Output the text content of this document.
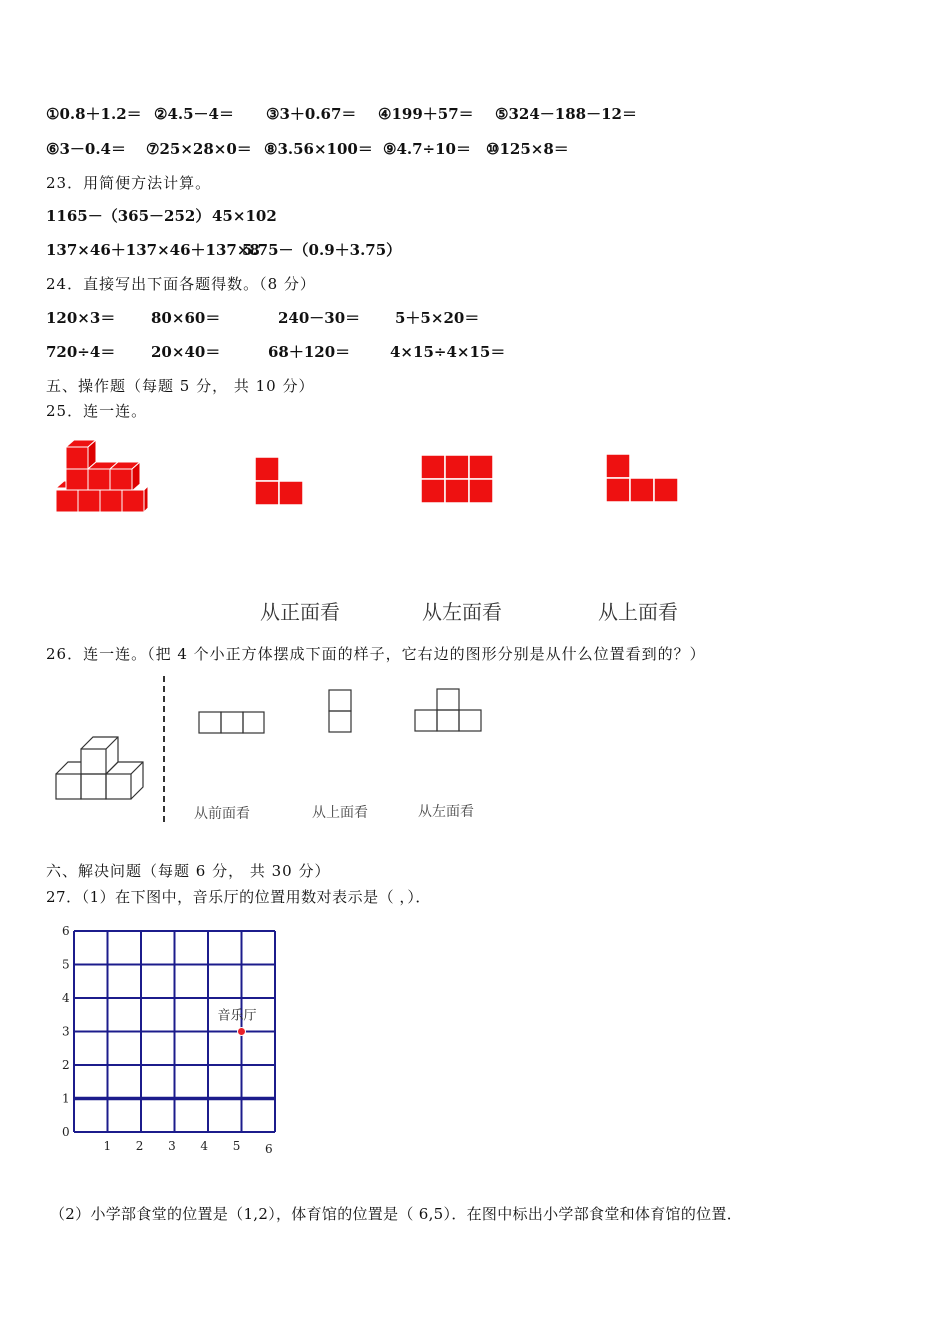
①0.8＋1.2＝ ②4.5－4＝ ③3＋0.67＝ ④199＋57＝ ⑤324－188－12＝
⑥3－0.4＝ ⑦25×28×0＝ ⑧3.56×100＝ ⑨4.7÷10＝ ⑩125×8＝
23．用简便方法计算。
1165－（365－252） 45×102
137×46＋137×46＋137×85.75－（0.9＋3.75）
24．直接写出下面各题得数。（8 分）
120×3＝ 80×60＝	240－30＝ 5＋5×20＝
720÷4＝ 20×40＝	68＋120＝	4×15÷4×15＝
五、操作题（每题 5 分， 共 10 分）
25．连一连。
从正面看	从左面看	从上面看
26．连一连。（把 4 个小正方体摆成下面的样子，它右边的图形分别是从什么位置看到的？）
从前面看	从上面看	从左面看
六、解决问题（每题 6 分， 共 30 分）
27．（1）在下图中，音乐厅的位置用数对表示是（ ，）．
1 2 3 4 5 6
0
1
2
3
4
5
6
音乐厅
（2）小学部食堂的位置是（1,2），体育馆的位置是（ 6,5）．在图中标出小学部食堂和体育馆的位置．
